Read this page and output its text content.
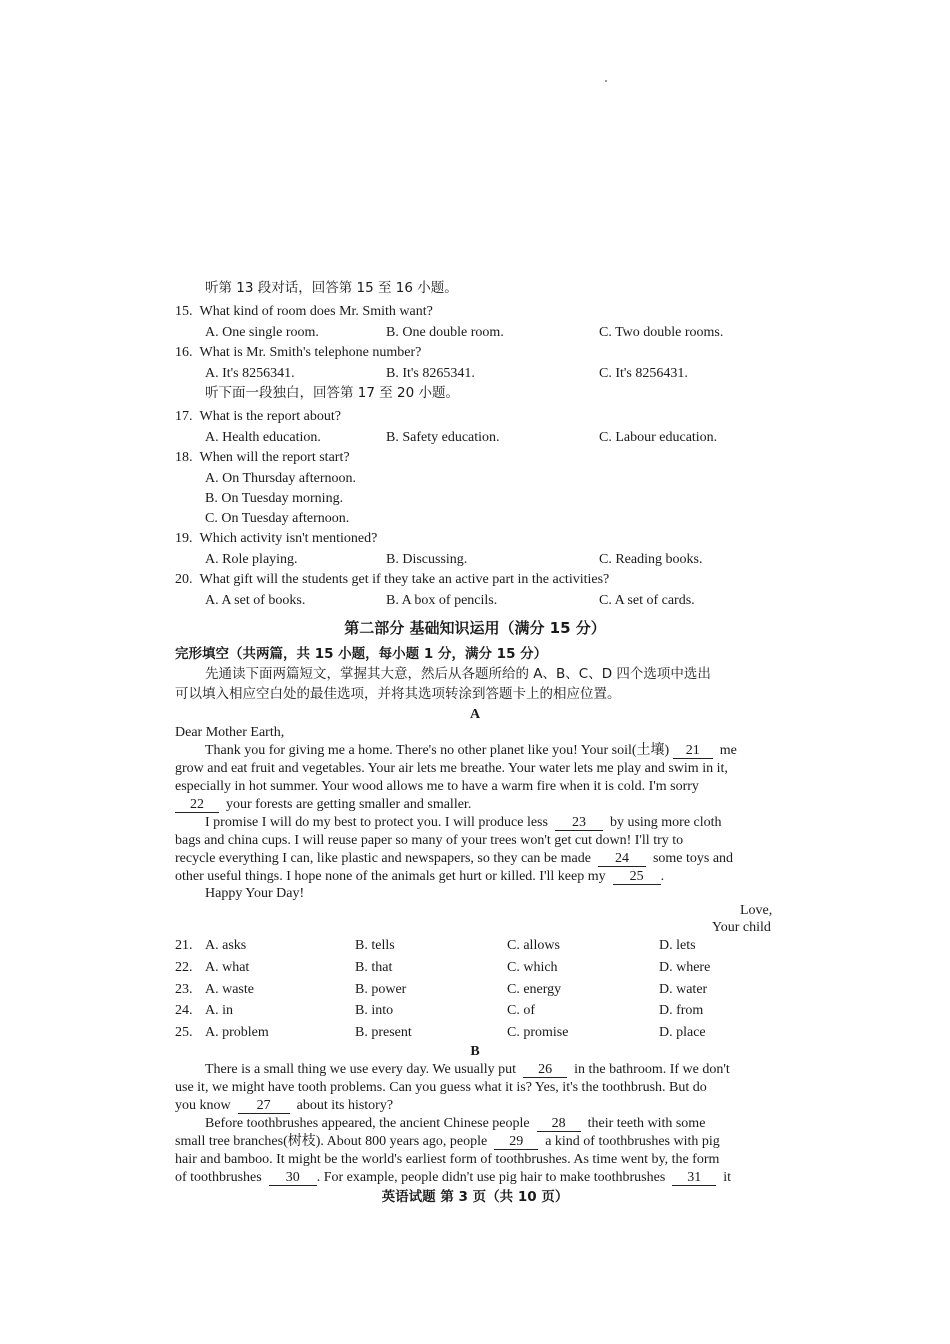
听第 13 段对话，回答第 15 至 16 小题。
15. What kind of room does Mr. Smith want?
A. One single room.	B. One double room.	C. Two double rooms.
16. What is Mr. Smith's telephone number?
A. It's 8256341.	B. It's 8265341.	C. It's 8256431.
听下面一段独白，回答第 17 至 20 小题。
17. What is the report about?
A. Health education.	B. Safety education.	C. Labour education.
18. When will the report start?
A. On Thursday afternoon.
B. On Tuesday morning.
C. On Tuesday afternoon.
19. Which activity isn't mentioned?
A. Role playing.	B. Discussing.	C. Reading books.
20. What gift will the students get if they take an active part in the activities?
A. A set of books.	B. A box of pencils.	C. A set of cards.
第二部分 基础知识运用（满分 15 分）
完形填空（共两篇，共 15 小题，每小题 1 分，满分 15 分）
先通读下面两篇短文，掌握其大意，然后从各题所给的 A、B、C、D 四个选项中选出
可以填入相应空白处的最佳选项，并将其选项转涂到答题卡上的相应位置。
A
Dear Mother Earth,
Thank you for giving me a home. There's no other planet like you! Your soil(土壤) 21 me
grow and eat fruit and vegetables. Your air lets me breathe. Your water lets me play and swim in it,
especially in hot summer. Your wood allows me to have a warm fire when it is cold. I'm sorry
22 your forests are getting smaller and smaller.
I promise I will do my best to protect you. I will produce less 23 by using more cloth
bags and china cups. I will reuse paper so many of your trees won't get cut down! I'll try to
recycle everything I can, like plastic and newspapers, so they can be made 24 some toys and
other useful things. I hope none of the animals get hurt or killed. I'll keep my 25 .
Happy Your Day!
Love,
Your child
21. A. asks	B. tells	C. allows	D. lets
22. A. what	B. that	C. which	D. where
23. A. waste	B. power	C. energy	D. water
24. A. in	B. into	C. of	D. from
25. A. problem	B. present	C. promise	D. place
B
There is a small thing we use every day. We usually put 26 in the bathroom. If we don't
use it, we might have tooth problems. Can you guess what it is? Yes, it's the toothbrush. But do
you know 27 about its history?
Before toothbrushes appeared, the ancient Chinese people 28 their teeth with some
small tree branches(树枝). About 800 years ago, people 29 a kind of toothbrushes with pig
hair and bamboo. It might be the world's earliest form of toothbrushes. As time went by, the form
of toothbrushes 30 . For example, people didn't use pig hair to make toothbrushes 31 it
英语试题 第 3 页（共 10 页）
